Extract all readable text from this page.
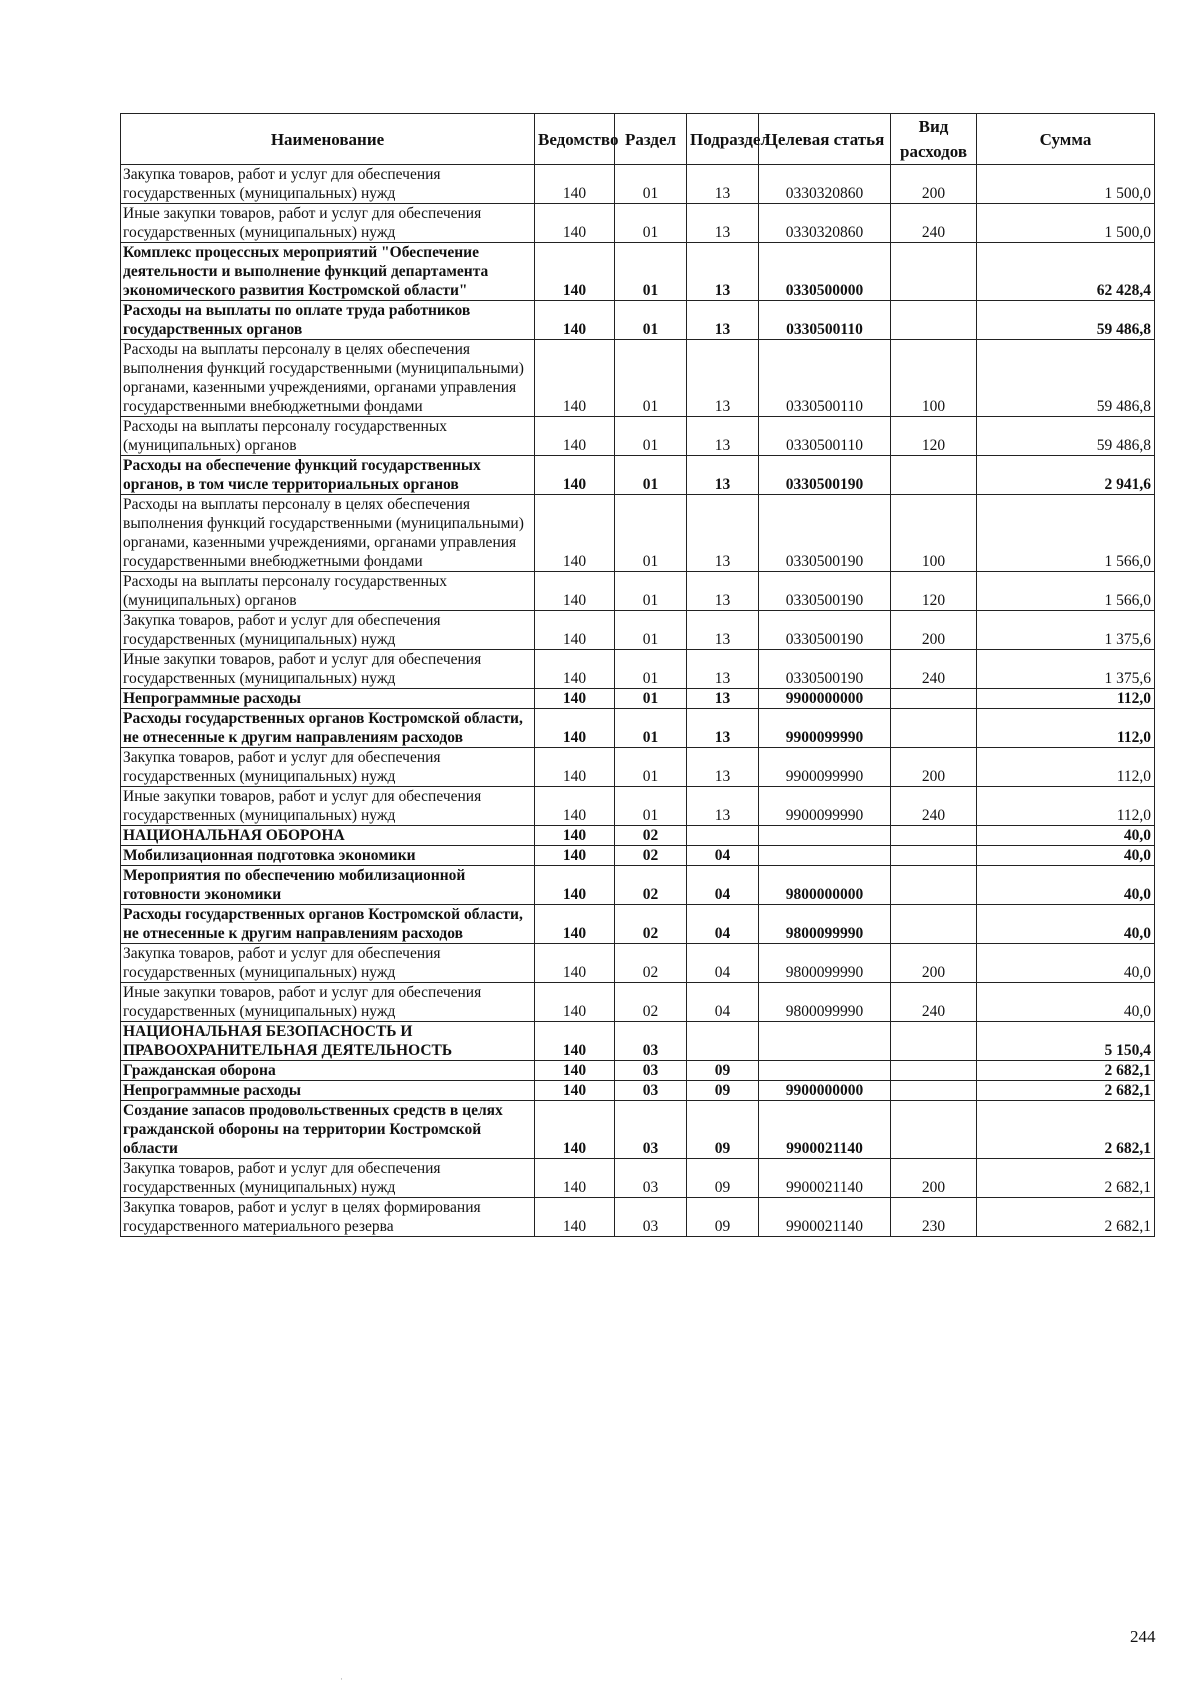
Наименование	Ведомство	Раздел	Подраздел	Целевая статья	Вид расходов	Сумма
Закупка товаров, работ и услуг для обеспечения государственных (муниципальных) нужд	140	01	13	0330320860	200	1 500,0
Иные закупки товаров, работ и услуг для обеспечения государственных (муниципальных) нужд	140	01	13	0330320860	240	1 500,0
Комплекс процессных мероприятий "Обеспечение деятельности и выполнение функций департамента экономического развития Костромской области"	140	01	13	0330500000		62 428,4
Расходы на выплаты по оплате труда работников государственных органов	140	01	13	0330500110		59 486,8
Расходы на выплаты персоналу в целях обеспечения выполнения функций государственными (муниципальными) органами, казенными учреждениями, органами управления государственными внебюджетными фондами	140	01	13	0330500110	100	59 486,8
Расходы на выплаты персоналу государственных (муниципальных) органов	140	01	13	0330500110	120	59 486,8
Расходы на обеспечение функций государственных органов, в том числе территориальных органов	140	01	13	0330500190		2 941,6
Расходы на выплаты персоналу в целях обеспечения выполнения функций государственными (муниципальными) органами, казенными учреждениями, органами управления государственными внебюджетными фондами	140	01	13	0330500190	100	1 566,0
Расходы на выплаты персоналу государственных (муниципальных) органов	140	01	13	0330500190	120	1 566,0
Закупка товаров, работ и услуг для обеспечения государственных (муниципальных) нужд	140	01	13	0330500190	200	1 375,6
Иные закупки товаров, работ и услуг для обеспечения государственных (муниципальных) нужд	140	01	13	0330500190	240	1 375,6
Непрограммные расходы	140	01	13	9900000000		112,0
Расходы государственных органов Костромской области, не отнесенные к другим направлениям расходов	140	01	13	9900099990		112,0
Закупка товаров, работ и услуг для обеспечения государственных (муниципальных) нужд	140	01	13	9900099990	200	112,0
Иные закупки товаров, работ и услуг для обеспечения государственных (муниципальных) нужд	140	01	13	9900099990	240	112,0
НАЦИОНАЛЬНАЯ ОБОРОНА	140	02				40,0
Мобилизационная подготовка экономики	140	02	04			40,0
Мероприятия по обеспечению мобилизационной готовности экономики	140	02	04	9800000000		40,0
Расходы государственных органов Костромской области, не отнесенные к другим направлениям расходов	140	02	04	9800099990		40,0
Закупка товаров, работ и услуг для обеспечения государственных (муниципальных) нужд	140	02	04	9800099990	200	40,0
Иные закупки товаров, работ и услуг для обеспечения государственных (муниципальных) нужд	140	02	04	9800099990	240	40,0
НАЦИОНАЛЬНАЯ БЕЗОПАСНОСТЬ И ПРАВООХРАНИТЕЛЬНАЯ ДЕЯТЕЛЬНОСТЬ	140	03				5 150,4
Гражданская оборона	140	03	09			2 682,1
Непрограммные расходы	140	03	09	9900000000		2 682,1
Создание запасов продовольственных средств в целях гражданской обороны на территории Костромской области	140	03	09	9900021140		2 682,1
Закупка товаров, работ и услуг для обеспечения государственных (муниципальных) нужд	140	03	09	9900021140	200	2 682,1
Закупка товаров, работ и услуг в целях формирования государственного материального резерва	140	03	09	9900021140	230	2 682,1
244
·
